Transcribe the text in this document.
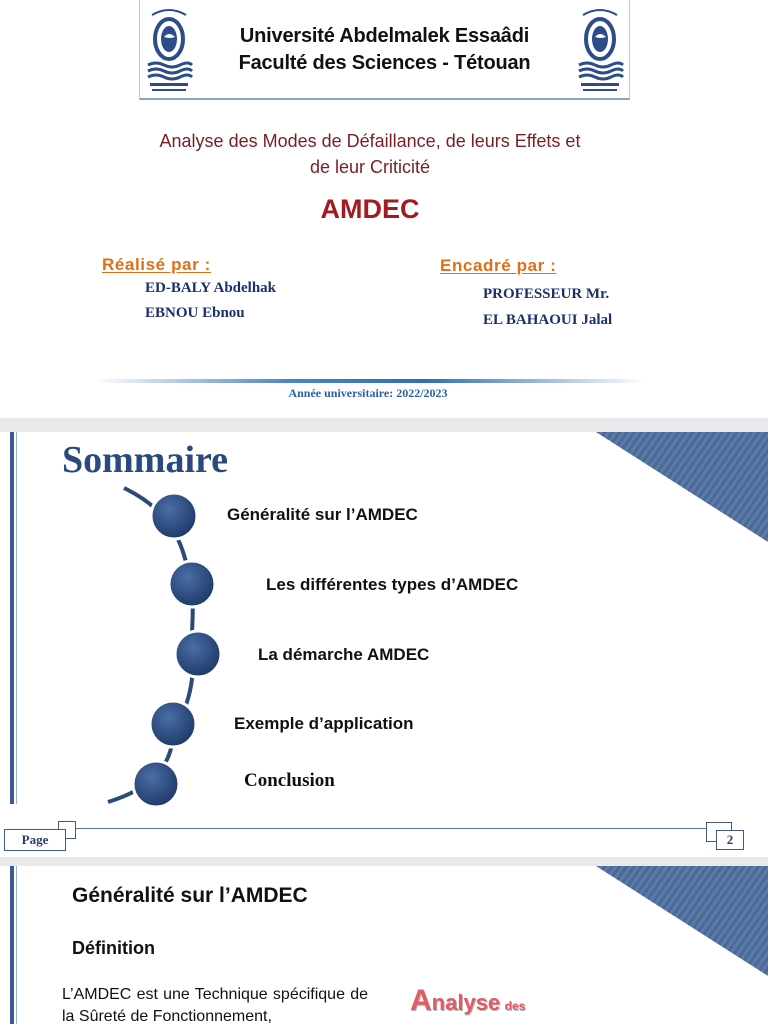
Université Abdelmalek Essaâdi
Faculté des Sciences - Tétouan
Analyse des Modes de Défaillance, de leurs Effets et
de leur Criticité
AMDEC
Réalisé par :
ED-BALY Abdelhak
EBNOU Ebnou
Encadré par :
PROFESSEUR Mr.
EL BAHAOUI Jalal
Année universitaire: 2022/2023
Sommaire
Généralité sur l’AMDEC
Les différentes types d’AMDEC
La démarche AMDEC
Exemple d’application
Conclusion
Page	2
Généralité sur l’AMDEC
Définition
L’AMDEC est une Technique spécifique de la Sûreté de Fonctionnement,	Analyse des
